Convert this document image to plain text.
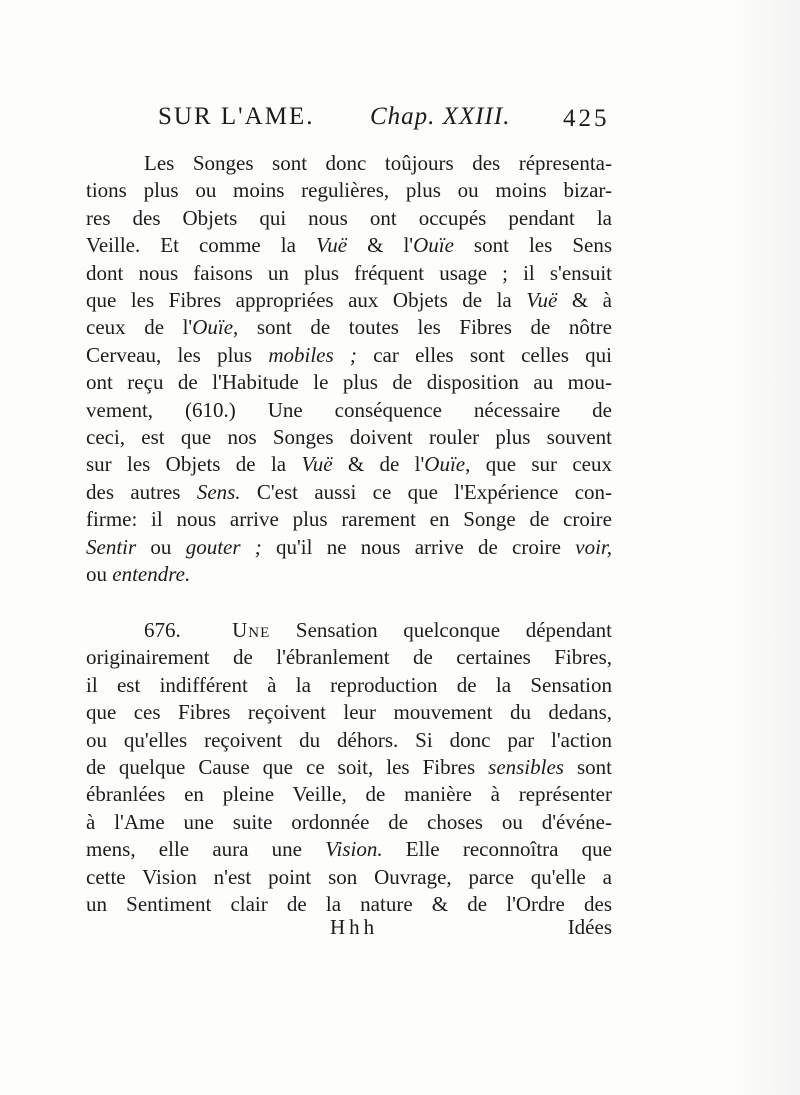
SUR L'AME. Chap. XXIII. 425
Les Songes sont donc toûjours des répresenta-
tions plus ou moins regulières, plus ou moins bizar-
res des Objets qui nous ont occupés pendant la
Veille. Et comme la Vuë & l'Ouïe sont les Sens
dont nous faisons un plus fréquent usage ; il s'ensuit
que les Fibres appropriées aux Objets de la Vuë & à
ceux de l'Ouïe, sont de toutes les Fibres de nôtre
Cerveau, les plus mobiles ; car elles sont celles qui
ont reçu de l'Habitude le plus de disposition au mou-
vement, (610.) Une conséquence nécessaire de
ceci, est que nos Songes doivent rouler plus souvent
sur les Objets de la Vuë & de l'Ouïe, que sur ceux
des autres Sens. C'est aussi ce que l'Expérience con-
firme: il nous arrive plus rarement en Songe de croire
Sentir ou gouter ; qu'il ne nous arrive de croire voir,
ou entendre.
676. Une Sensation quelconque dépendant
originairement de l'ébranlement de certaines Fibres,
il est indifférent à la reproduction de la Sensation
que ces Fibres reçoivent leur mouvement du dedans,
ou qu'elles reçoivent du déhors. Si donc par l'action
de quelque Cause que ce soit, les Fibres sensibles sont
ébranlées en pleine Veille, de manière à représenter
à l'Ame une suite ordonnée de choses ou d'événe-
mens, elle aura une Vision. Elle reconnoîtra que
cette Vision n'est point son Ouvrage, parce qu'elle a
un Sentiment clair de la nature & de l'Ordre des
Hhh	Idées
